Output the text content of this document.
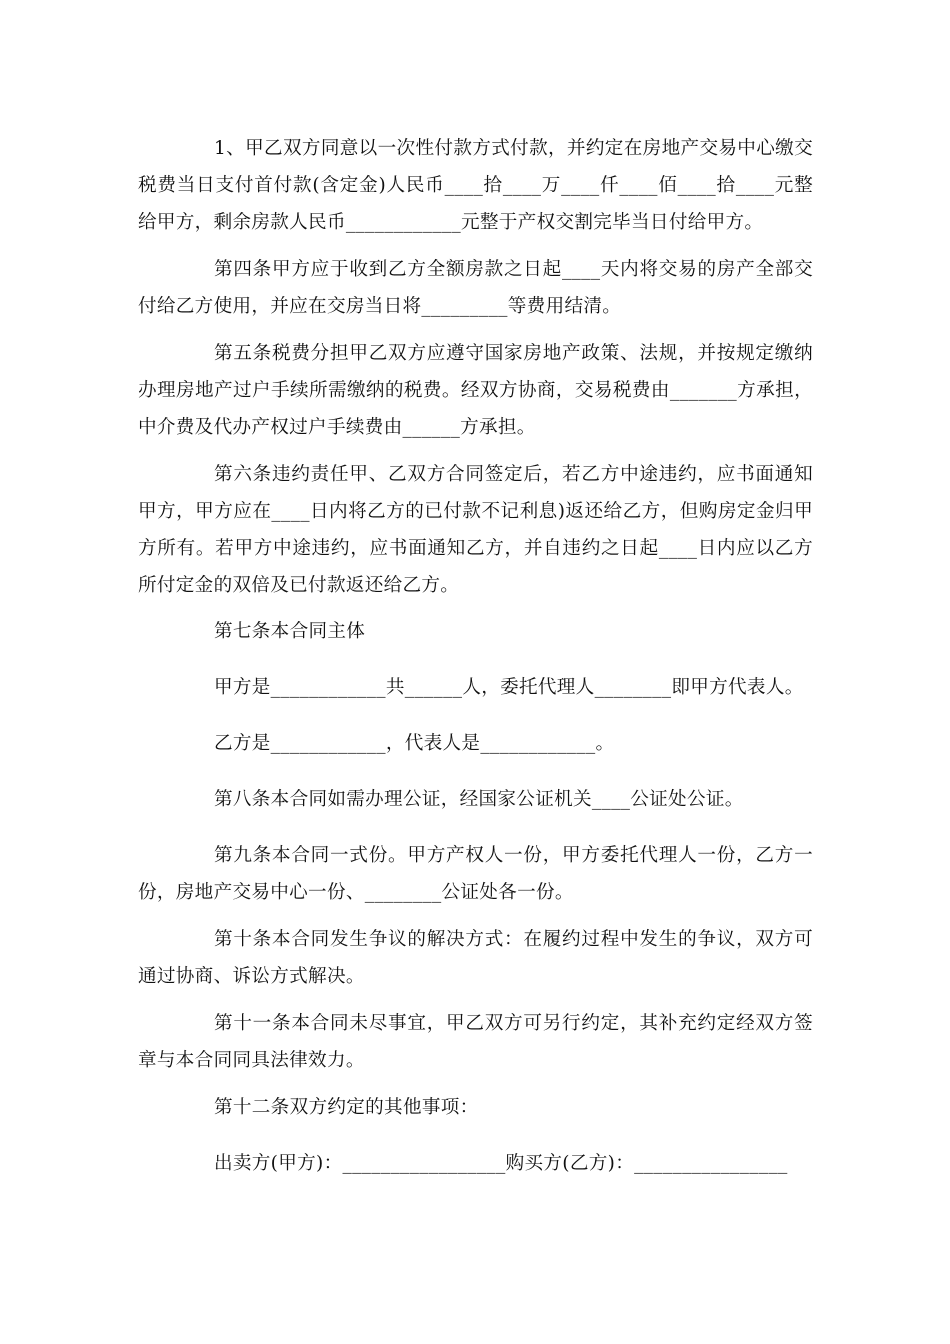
1、甲乙双方同意以一次性付款方式付款，并约定在房地产交易中心缴交税费当日支付首付款(含定金)人民币____拾____万____仟____佰____拾____元整给甲方，剩余房款人民币____________元整于产权交割完毕当日付给甲方。

第四条甲方应于收到乙方全额房款之日起____天内将交易的房产全部交付给乙方使用，并应在交房当日将_________等费用结清。

第五条税费分担甲乙双方应遵守国家房地产政策、法规，并按规定缴纳办理房地产过户手续所需缴纳的税费。经双方协商，交易税费由_______方承担，中介费及代办产权过户手续费由______方承担。

第六条违约责任甲、乙双方合同签定后，若乙方中途违约，应书面通知甲方，甲方应在____日内将乙方的已付款不记利息)返还给乙方，但购房定金归甲方所有。若甲方中途违约，应书面通知乙方，并自违约之日起____日内应以乙方所付定金的双倍及已付款返还给乙方。

第七条本合同主体

甲方是____________共______人，委托代理人________即甲方代表人。

乙方是____________，代表人是____________。

第八条本合同如需办理公证，经国家公证机关____公证处公证。

第九条本合同一式份。甲方产权人一份，甲方委托代理人一份，乙方一份，房地产交易中心一份、________公证处各一份。

第十条本合同发生争议的解决方式：在履约过程中发生的争议，双方可通过协商、诉讼方式解决。

第十一条本合同未尽事宜，甲乙双方可另行约定，其补充约定经双方签章与本合同同具法律效力。

第十二条双方约定的其他事项：

出卖方(甲方)：_________________购买方(乙方)：________________
